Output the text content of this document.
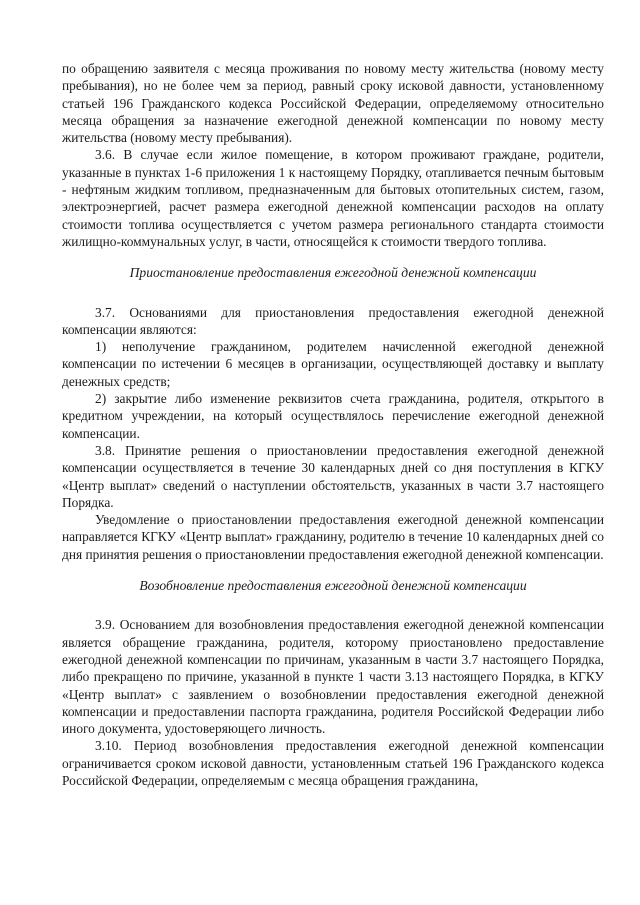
по обращению заявителя с месяца проживания по новому месту жительства (новому месту пребывания), но не более чем за период, равный сроку исковой давности, установленному статьей 196 Гражданского кодекса Российской Федерации, определяемому относительно месяца обращения за назначение ежегодной денежной компенсации по новому месту жительства (новому месту пребывания).

3.6. В случае если жилое помещение, в котором проживают граждане, родители, указанные в пунктах 1-6 приложения 1 к настоящему Порядку, отапливается печным бытовым - нефтяным жидким топливом, предназначенным для бытовых отопительных систем, газом, электроэнергией, расчет размера ежегодной денежной компенсации расходов на оплату стоимости топлива осуществляется с учетом размера регионального стандарта стоимости жилищно-коммунальных услуг, в части, относящейся к стоимости твердого топлива.

Приостановление предоставления ежегодной денежной компенсации

3.7. Основаниями для приостановления предоставления ежегодной денежной компенсации являются:

1) неполучение гражданином, родителем начисленной ежегодной денежной компенсации по истечении 6 месяцев в организации, осуществляющей доставку и выплату денежных средств;

2) закрытие либо изменение реквизитов счета гражданина, родителя, открытого в кредитном учреждении, на который осуществлялось перечисление ежегодной денежной компенсации.

3.8. Принятие решения о приостановлении предоставления ежегодной денежной компенсации осуществляется в течение 30 календарных дней со дня поступления в КГКУ «Центр выплат» сведений о наступлении обстоятельств, указанных в части 3.7 настоящего Порядка.

Уведомление о приостановлении предоставления ежегодной денежной компенсации направляется КГКУ «Центр выплат» гражданину, родителю в течение 10 календарных дней со дня принятия решения о приостановлении предоставления ежегодной денежной компенсации.

Возобновление предоставления ежегодной денежной компенсации

3.9. Основанием для возобновления предоставления ежегодной денежной компенсации является обращение гражданина, родителя, которому приостановлено предоставление ежегодной денежной компенсации по причинам, указанным в части 3.7 настоящего Порядка, либо прекращено по причине, указанной в пункте 1 части 3.13 настоящего Порядка, в КГКУ «Центр выплат» с заявлением о возобновлении предоставления ежегодной денежной компенсации и предоставлении паспорта гражданина, родителя Российской Федерации либо иного документа, удостоверяющего личность.

3.10. Период возобновления предоставления ежегодной денежной компенсации ограничивается сроком исковой давности, установленным статьей 196 Гражданского кодекса Российской Федерации, определяемым с месяца обращения гражданина,
